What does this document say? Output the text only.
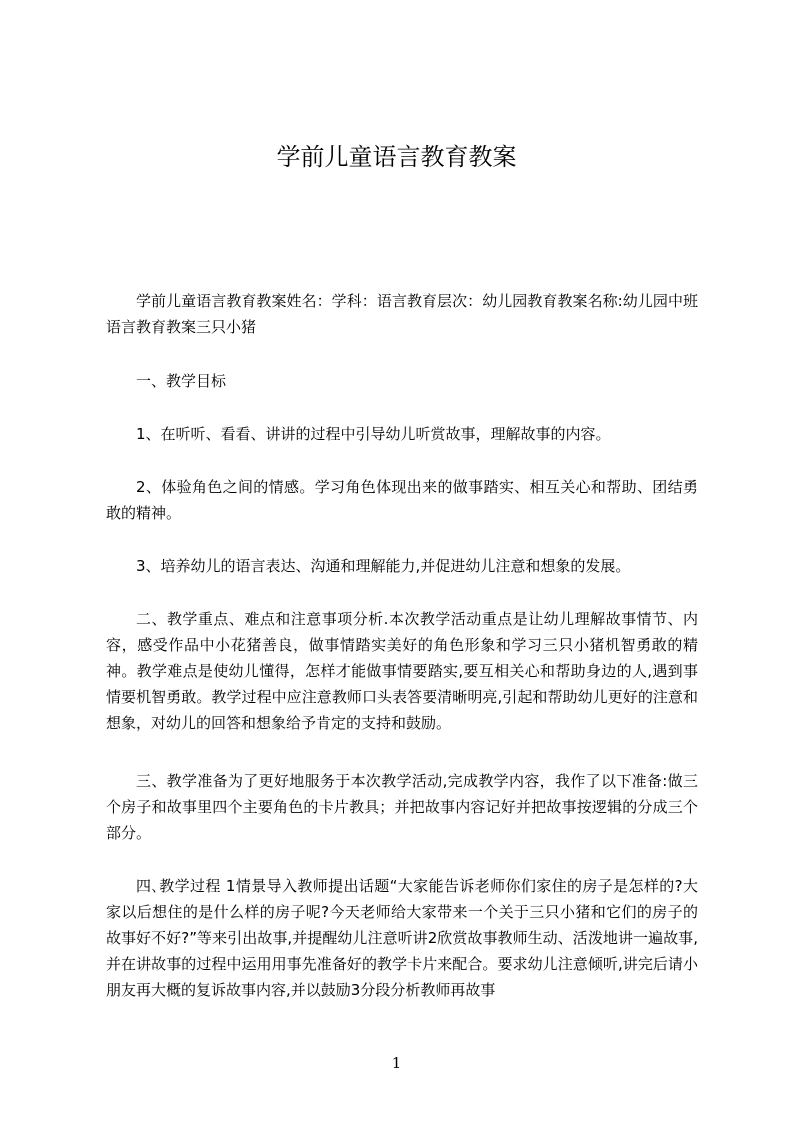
学前儿童语言教育教案

学前儿童语言教育教案姓名：学科：语言教育层次：幼儿园教育教案名称:幼儿园中班语言教育教案三只小猪

一、教学目标

1、在听听、看看、讲讲的过程中引导幼儿听赏故事，理解故事的内容。

2、体验角色之间的情感。学习角色体现出来的做事踏实、相互关心和帮助、团结勇敢的精神。

3、培养幼儿的语言表达、沟通和理解能力,并促进幼儿注意和想象的发展。

二、教学重点、难点和注意事项分析.本次教学活动重点是让幼儿理解故事情节、内容，感受作品中小花猪善良，做事情踏实美好的角色形象和学习三只小猪机智勇敢的精神。教学难点是使幼儿懂得，怎样才能做事情要踏实,要互相关心和帮助身边的人,遇到事情要机智勇敢。教学过程中应注意教师口头表答要清晰明亮,引起和帮助幼儿更好的注意和想象，对幼儿的回答和想象给予肯定的支持和鼓励。

三、教学准备为了更好地服务于本次教学活动,完成教学内容，我作了以下准备:做三个房子和故事里四个主要角色的卡片教具；并把故事内容记好并把故事按逻辑的分成三个部分。

四､教学过程 1情景导入教师提出话题“大家能告诉老师你们家住的房子是怎样的?大家以后想住的是什么样的房子呢?今天老师给大家带来一个关于三只小猪和它们的房子的故事好不好?”等来引出故事,并提醒幼儿注意听讲2欣赏故事教师生动、活泼地讲一遍故事,并在讲故事的过程中运用用事先准备好的教学卡片来配合。要求幼儿注意倾听,讲完后请小朋友再大概的复诉故事内容,并以鼓励3分段分析教师再故事

1
